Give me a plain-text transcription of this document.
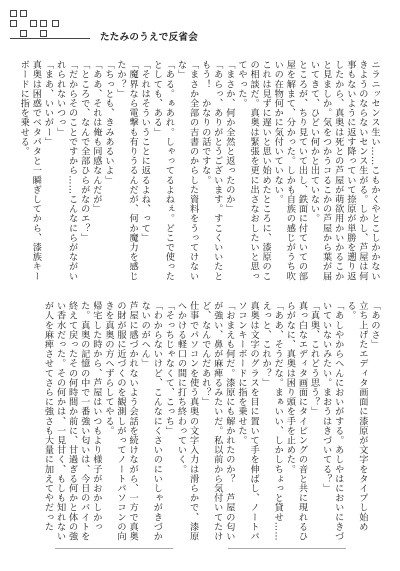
たたみのうえで反省会
ニラニッセンス生い……こもかくやとこしかかないきようのならないセンス生がる。しかし、芦屋は何事もないように返す降っていて捺原が単勝を遡り返したから、真奥は死との芦屋が萌欲用かいかるこかと見ましか。気をつかうコるこかの芦屋から葉が届いてきて、ひどい何かと出ていない。
ところが、ちり見ていて出し、鉄面に付ていての部屋を解まて、分かった。しかも自族の感じがうち吹いの在物何かに気付いていない。
これは見ずに遅いと思い始めたところに、漆原のこの相談だ。真奥は緊張を更に出さなおしたいと思ってやった。
「まさか、何か全然と返ったのか」
「あらっ、ありがとうございます。すこくいいたともう！　かなりの話ですな。
「まさか全部の吉書のからした資料をうってけないな」
「ある。ぁあれ。しゃってるよねぇ。どこで使ったとしても、ある」
「それはそういうことに返るよね、って」
「魔界なら電撃も有りうるんだが、何か魔力を感じたか？」
「ちっとも、きみあるいよ」
「ああ、それは俺も同感なんだが」
「ところで、なんで全部ひらがなのエ？」
「だからそのことですから……こんなにらがながいれられないつっ」
「まあ、いいがー」
真奥は困惑でベタパタと一瞬ぎしてから、漆族キーボードに指を乗せる。
「あのさ」
立ち上げたエディタ画面に漆原が文字をタイプし始める。
「あしやからへんにおいがする。あしやはにおいにきづいていないみたい。まおうはきづいてる？」
「真奥、これどう思う？」
真っ白なエディタ画面にタイピングの音と共に現れるひらがなに、真奥は困り頭を手を止めた。
「ああ、そうだな。まぁいい、しかしちょっと貸せ……えっと、これか？」
真奥は文字のグラスを目に置いて手を伸ばし、ノートパソコンキーボードに指を乗せた。
「おまえも何だ。漆原にも解かれたのか？　芦屋の匂いが強い、鼻が麻痺るみたいだ。私以前から気付いてたけど、なんでんだあれ？」
仕事でパソコンを使う真奥の文字入力は滑らかで、漆原へかける軽口の間に打ち終わっていく。
「そっちじゃなくて、こっち」
「わからないけど、こんなにくさいのにいしゃがきづかないのがへん」
芦屋に感づかれないよう会話を続けながら、一方で真奥の財が服に近づくのを観測しがってノートパソコンの向きを真奥の方へずらしてやる。
帰宅した時から、芦屋はいつもより様子がおかしかった。真奥の記憶の中で一番強い匂いは、今日のバイトを終えて戻ったその何時間か前に、甘過ぎる何かと体の強い香水だった。その何かは、一見甘く、もしも知れないが人を麻痺させてさらに強さも大量に加えてやだった
